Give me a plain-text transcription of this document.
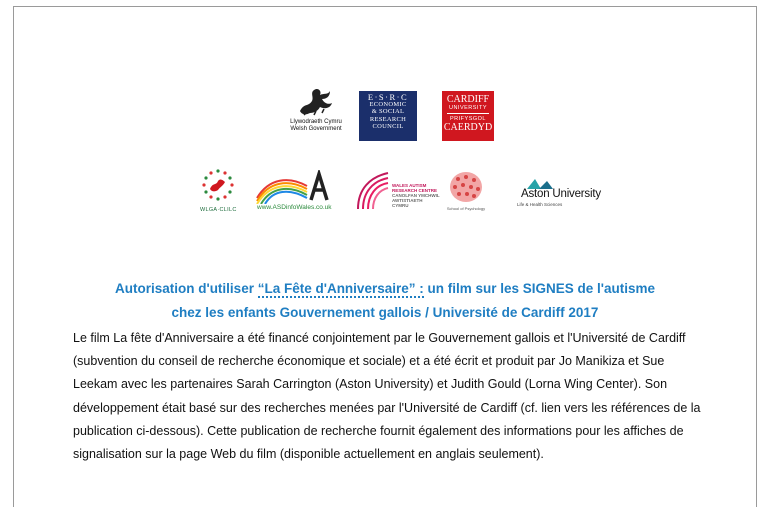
Llywodraeth Cymru
Welsh Government
E·S·R·C
ECONOMIC
& SOCIAL
RESEARCH
COUNCIL
CARDIFF
UNIVERSITY
PRIFYSGOL
CAERDYD
WLGA·CLILC	www.ASDinfoWales.co.uk
WALES AUTISM
RESEARCH CENTRE
CANOLFAN YMCHWIL
AWTISTIAETH CYMRU
School of Psychology
Aston University
Life & Health Sciences
Autorisation d'utiliser “La Fête d'Anniversaire” : un film sur les SIGNES de l'autisme
chez les enfants Gouvernement gallois / Université de Cardiff 2017
Le film La fête d'Anniversaire a été financé conjointement par le Gouvernement gallois et l'Université de Cardiff (subvention du conseil de recherche économique et sociale) et a été écrit et produit par Jo Manikiza et Sue Leekam avec les partenaires Sarah Carrington (Aston University) et Judith Gould (Lorna Wing Center). Son développement était basé sur des recherches menées par l'Université de Cardiff (cf. lien vers les références de la publication ci-dessous). Cette publication de recherche fournit également des informations pour les affiches de signalisation sur la page Web du film (disponible actuellement en anglais seulement).
